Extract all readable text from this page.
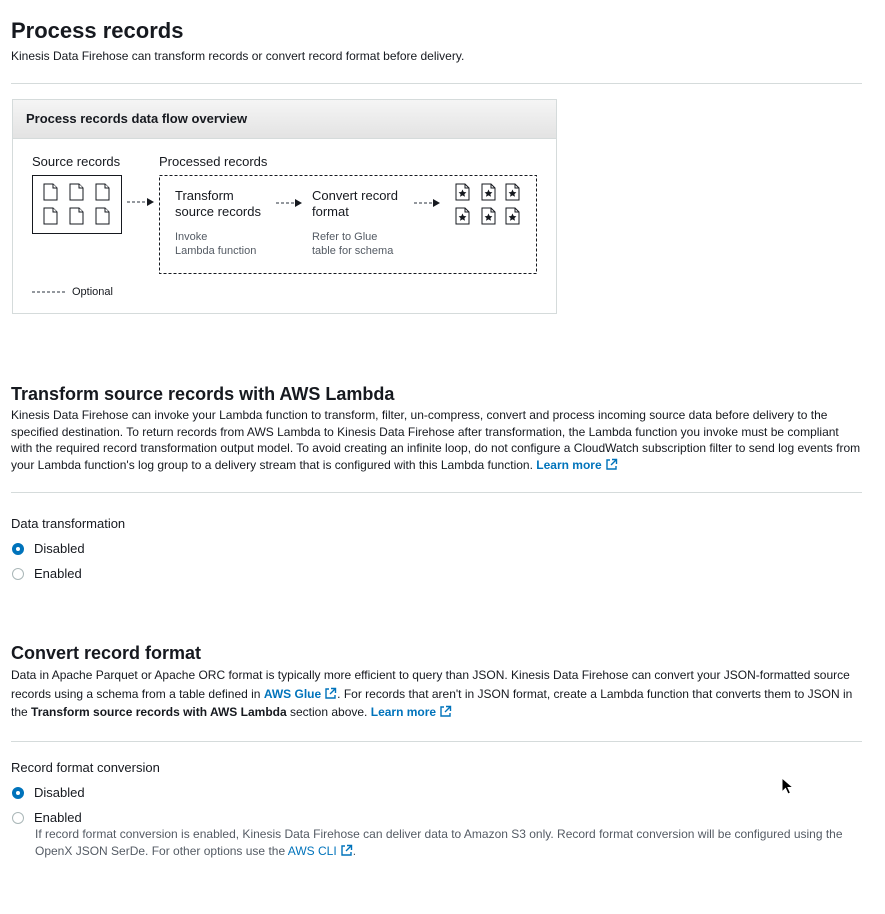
Process records
Kinesis Data Firehose can transform records or convert record format before delivery.
Process records data flow overview
Source records	Processed records
Transform
source records
Invoke
Lambda function
Convert record
format
Refer to Glue
table for schema
Optional
Transform source records with AWS Lambda
Kinesis Data Firehose can invoke your Lambda function to transform, filter, un-compress, convert and process incoming source data before delivery to the specified destination. To return records from AWS Lambda to Kinesis Data Firehose after transformation, the Lambda function you invoke must be compliant with the required record transformation output model. To avoid creating an infinite loop, do not configure a CloudWatch subscription filter to send log events from your Lambda function's log group to a delivery stream that is configured with this Lambda function. Learn more
Data transformation
Disabled
Enabled
Convert record format
Data in Apache Parquet or Apache ORC format is typically more efficient to query than JSON. Kinesis Data Firehose can convert your JSON-formatted source records using a schema from a table defined in AWS Glue . For records that aren't in JSON format, create a Lambda function that converts them to JSON in the Transform source records with AWS Lambda section above. Learn more
Record format conversion
Disabled
Enabled
If record format conversion is enabled, Kinesis Data Firehose can deliver data to Amazon S3 only. Record format conversion will be configured using the OpenX JSON SerDe. For other options use the AWS CLI .
